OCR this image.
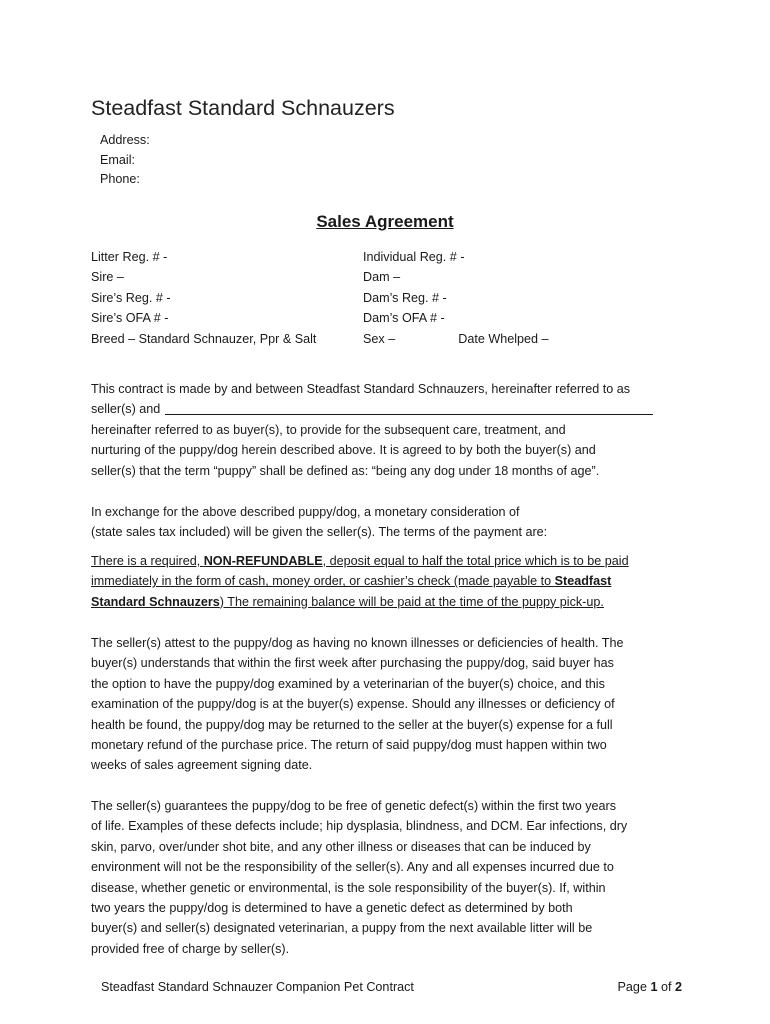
Steadfast Standard Schnauzers
Address:
Email:
Phone:
Sales Agreement
Litter Reg. # -
Sire –
Sire’s Reg. # -
Sire’s OFA # -
Breed – Standard Schnauzer, Ppr & Salt
Individual Reg. # -
Dam –
Dam’s Reg. # -
Dam’s OFA # -
Sex –	Date Whelped –
This contract is made by and between Steadfast Standard Schnauzers, hereinafter referred to as
seller(s) and
hereinafter referred to as buyer(s), to provide for the subsequent care, treatment, and
nurturing of the puppy/dog herein described above. It is agreed to by both the buyer(s) and
seller(s) that the term “puppy” shall be defined as: “being any dog under 18 months of age”.
In exchange for the above described puppy/dog, a monetary consideration of
(state sales tax included) will be given the seller(s). The terms of the payment are:
There is a required, NON-REFUNDABLE, deposit equal to half the total price which is to be paid
immediately in the form of cash, money order, or cashier’s check (made payable to Steadfast
Standard Schnauzers) The remaining balance will be paid at the time of the puppy pick-up.
The seller(s) attest to the puppy/dog as having no known illnesses or deficiencies of health. The
buyer(s) understands that within the first week after purchasing the puppy/dog, said buyer has
the option to have the puppy/dog examined by a veterinarian of the buyer(s) choice, and this
examination of the puppy/dog is at the buyer(s) expense. Should any illnesses or deficiency of
health be found, the puppy/dog may be returned to the seller at the buyer(s) expense for a full
monetary refund of the purchase price. The return of said puppy/dog must happen within two
weeks of sales agreement signing date.
The seller(s) guarantees the puppy/dog to be free of genetic defect(s) within the first two years
of life. Examples of these defects include; hip dysplasia, blindness, and DCM. Ear infections, dry
skin, parvo, over/under shot bite, and any other illness or diseases that can be induced by
environment will not be the responsibility of the seller(s). Any and all expenses incurred due to
disease, whether genetic or environmental, is the sole responsibility of the buyer(s). If, within
two years the puppy/dog is determined to have a genetic defect as determined by both
buyer(s) and seller(s) designated veterinarian, a puppy from the next available litter will be
provided free of charge by seller(s).
Steadfast Standard Schnauzer Companion Pet Contract	Page 1 of 2
